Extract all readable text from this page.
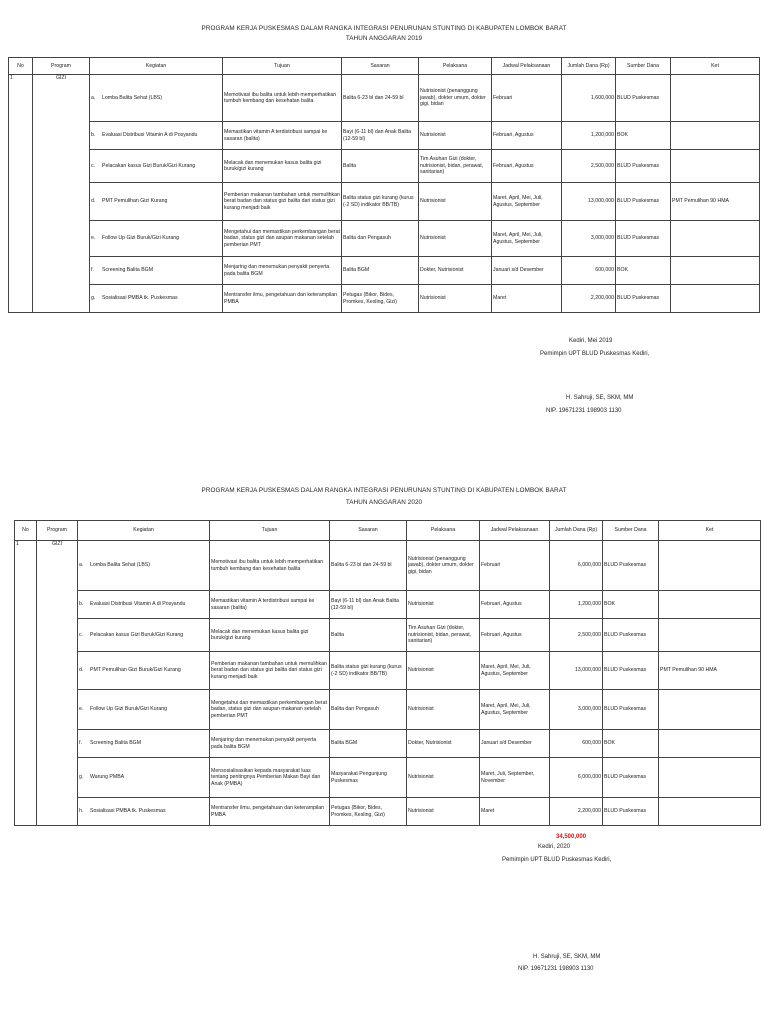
PROGRAM KERJA PUSKESMAS DALAM RANGKA INTEGRASI PENURUNAN STUNTING DI KABUPATEN LOMBOK BARAT
TAHUN ANGGARAN 2019
No	Program	Kegiatan	Tujuan	Sasaran	Pelaksana	Jadwal Pelaksanaan	Jumlah Dana (Rp)	Sumber Dana	Ket
1	GIZI	a. Lomba Balita Sehat (LBS)	Memotivasi ibu balita untuk lebih memperhatikan tumbuh kembang dan kesehatan balita	Balita 6-23 bl dan 24-59 bl	Nutrisionist (penanggung jawab), dokter umum, dokter gigi, bidan	Februari	1,600,000	BLUD Puskesmas	

		b. Evaluasi Distribusi Vitamin A di Posyandu	Memastikan vitamin A terdistribusi sampai ke sasaran (balita)	Bayi (6-11 bl) dan Anak Balita (12-59 bl)	Nutrisionist	Februari, Agustus	1,200,000	BOK	

		c. Pelacakan kasus Gizi Buruk/Gizi Kurang	Melacak dan menemukan kasus balita gizi buruk/gizi kurang	Balita	Tim Asuhan Gizi (dokter, nutrisionist, bidan, perawat, sanitarian)	Februari, Agustus	2,500,000	BLUD Puskesmas	

		d. PMT Pemulihan Gizi Kurang	Pemberian makanan tambahan untuk memulihkan berat badan dan status gizi balita dari status gizi kurang menjadi baik	Balita status gizi kurang (kurus (-2 SD) indikator BB/TB)	Nutrisionist	Maret, April, Mei, Juli, Agustus, September	13,000,000	BLUD Puskesmas	PMT Pemulihan 90 HMA

		e. Follow Up Gizi Buruk/Gizi Kurang	Mengetahui dan memastikan perkembangan berat badan, status gizi dan asupan makanan setelah pemberian PMT	Balita dan Pengasuh	Nutrisionist	Maret, April, Mei, Juli, Agustus, September	3,000,000	BLUD Puskesmas	

		f. Screening Balita BGM	Menjaring dan menemukan penyakit penyerta pada balita BGM	Balita BGM	Dokter, Nutrisionist	Januari s/d Desember	600,000	BOK	

		g. Sosialisasi PMBA tk. Puskesmas	Mentransfer ilmu, pengetahuan dan keterampilan PMBA	Petugas (Bikor, Bides, Promkes, Kesling, Gizi)	Nutrisionist	Maret	2,200,000	BLUD Puskesmas	
Kediri, Mei 2019
Pemimpin UPT BLUD Puskesmas Kediri,
H. Sahruji, SE, SKM, MM
NIP. 19671231 198903 1130
PROGRAM KERJA PUSKESMAS DALAM RANGKA INTEGRASI PENURUNAN STUNTING DI KABUPATEN LOMBOK BARAT
TAHUN ANGGARAN 2020
No	Program	Kegiatan	Tujuan	Sasaran	Pelaksana	Jadwal Pelaksanaan	Jumlah Dana (Rp)	Sumber Dana	Ket
1	GIZI	a. Lomba Balita Sehat (LBS)	Memotivasi ibu balita untuk lebih memperhatikan tumbuh kembang dan kesehatan balita	Balita 6-23 bl dan 24-59 bl	Nutrisionist (penanggung jawab), dokter umum, dokter gigi, bidan	Februari	6,000,000	BLUD Puskesmas	

		b. Evaluasi Distribusi Vitamin A di Posyandu	Memastikan vitamin A terdistribusi sampai ke sasaran (balita)	Bayi (6-11 bl) dan Anak Balita (12-59 bl)	Nutrisionist	Februari, Agustus	1,200,000	BOK	

		c. Pelacakan kasus Gizi Buruk/Gizi Kurang	Melacak dan menemukan kasus balita gizi buruk/gizi kurang	Balita	Tim Asuhan Gizi (dokter, nutrisionist, bidan, perawat, sanitarian)	Februari, Agustus	2,500,000	BLUD Puskesmas	

		d. PMT Pemulihan Gizi Buruk/Gizi Kurang	Pemberian makanan tambahan untuk memulihkan berat badan dan status gizi balita dari status gizi kurang menjadi baik	Balita status gizi kurang (kurus (-2 SD) indikator BB/TB)	Nutrisionist	Maret, April, Mei, Juli, Agustus, September	13,000,000	BLUD Puskesmas	PMT Pemulihan 90 HMA

		e. Follow Up Gizi Buruk/Gizi Kurang	Mengetahui dan memastikan perkembangan berat badan, status gizi dan asupan makanan setelah pemberian PMT	Balita dan Pengasuh	Nutrisionist	Maret, April, Mei, Juli, Agustus, September	3,000,000	BLUD Puskesmas	

		f. Screening Balita BGM	Menjaring dan menemukan penyakit penyerta pada balita BGM	Balita BGM	Dokter, Nutrisionist	Januari s/d Desember	600,000	BOK	

		g. Warung PMBA	Mensosialisasikan kepada masyarakat luas tentang pentingnya Pemberian Makan Bayi dan Anak (PMBA)	Masyarakat Pengunjung Puskesmas	Nutrisionist	Maret, Juli, September, November	6,000,000	BLUD Puskesmas	

		h. Sosialisasi PMBA tk. Puskesmas	Mentransfer ilmu, pengetahuan dan keterampilan PMBA	Petugas (Bikor, Bides, Promkes, Kesling, Gizi)	Nutrisionist	Maret	2,200,000	BLUD Puskesmas	
34,500,000
Kediri, 2020
Pemimpin UPT BLUD Puskesmas Kediri,
H. Sahruji, SE, SKM, MM
NIP. 19671231 198903 1130
